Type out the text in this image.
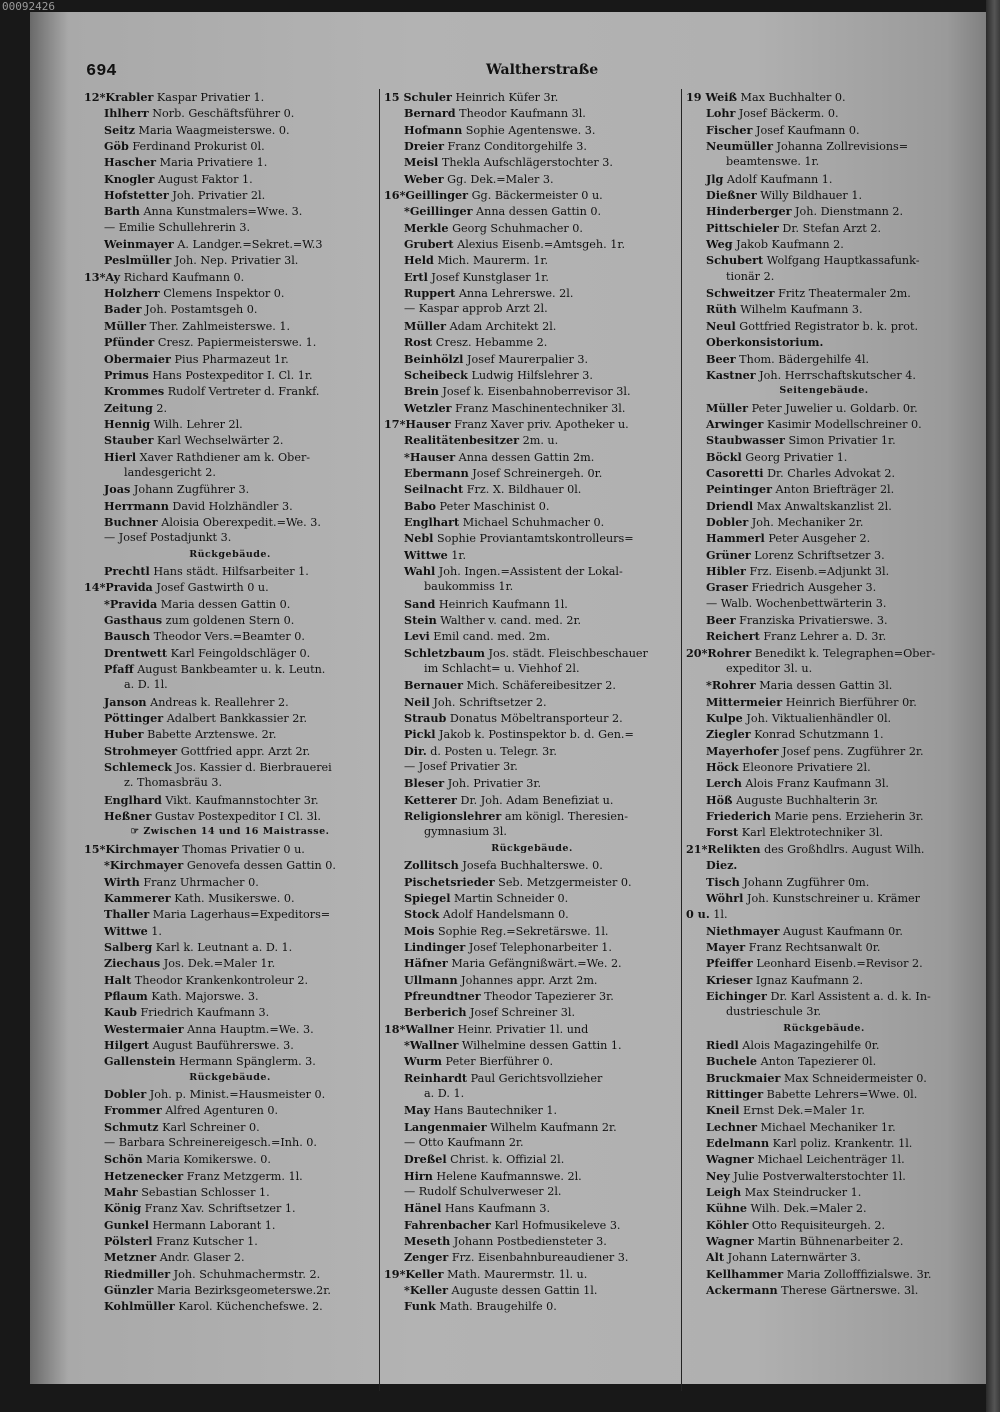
00092426
694	Waltherstraße
12*Krabler Kaspar Privatier 1.
Ihlherr Norb. Geschäftsführer 0.
Seitz Maria Waagmeisterswe. 0.
Göb Ferdinand Prokurist 0l.
Hascher Maria Privatiere 1.
Knogler August Faktor 1.
Hofstetter Joh. Privatier 2l.
Barth Anna Kunstmalers=Wwe. 3.
— Emilie Schullehrerin 3.
Weinmayer A. Landger.=Sekret.=W.3
Peslmüller Joh. Nep. Privatier 3l.
13*Ay Richard Kaufmann 0.
Holzherr Clemens Inspektor 0.
Bader Joh. Postamtsgeh 0.
Müller Ther. Zahlmeisterswe. 1.
Pfünder Cresz. Papiermeisterswe. 1.
Obermaier Pius Pharmazeut 1r.
Primus Hans Postexpeditor I. Cl. 1r.
Krommes Rudolf Vertreter d. Frankf.
Zeitung 2.
Hennig Wilh. Lehrer 2l.
Stauber Karl Wechselwärter 2.
Hierl Xaver Rathdiener am k. Ober-
landesgericht 2.
Joas Johann Zugführer 3.
Herrmann David Holzhändler 3.
Buchner Aloisia Oberexpedit.=We. 3.
— Josef Postadjunkt 3.
Rückgebäude.
Prechtl Hans städt. Hilfsarbeiter 1.
14*Pravida Josef Gastwirth 0 u.
*Pravida Maria dessen Gattin 0.
Gasthaus zum goldenen Stern 0.
Bausch Theodor Vers.=Beamter 0.
Drentwett Karl Feingoldschläger 0.
Pfaff August Bankbeamter u. k. Leutn.
a. D. 1l.
Janson Andreas k. Reallehrer 2.
Pöttinger Adalbert Bankkassier 2r.
Huber Babette Arztenswe. 2r.
Strohmeyer Gottfried appr. Arzt 2r.
Schlemeck Jos. Kassier d. Bierbrauerei
z. Thomasbräu 3.
Englhard Vikt. Kaufmannstochter 3r.
Heßner Gustav Postexpeditor I Cl. 3l.
☞ Zwischen 14 und 16 Maistrasse.
15*Kirchmayer Thomas Privatier 0 u.
*Kirchmayer Genovefa dessen Gattin 0.
Wirth Franz Uhrmacher 0.
Kammerer Kath. Musikerswe. 0.
Thaller Maria Lagerhaus=Expeditors=
Wittwe 1.
Salberg Karl k. Leutnant a. D. 1.
Ziechaus Jos. Dek.=Maler 1r.
Halt Theodor Krankenkontroleur 2.
Pflaum Kath. Majorswe. 3.
Kaub Friedrich Kaufmann 3.
Westermaier Anna Hauptm.=We. 3.
Hilgert August Bauführerswe. 3.
Gallenstein Hermann Spänglerm. 3.
Rückgebäude.
Dobler Joh. p. Minist.=Hausmeister 0.
Frommer Alfred Agenturen 0.
Schmutz Karl Schreiner 0.
— Barbara Schreinereigesch.=Inh. 0.
Schön Maria Komikerswe. 0.
Hetzenecker Franz Metzgerm. 1l.
Mahr Sebastian Schlosser 1.
König Franz Xav. Schriftsetzer 1.
Gunkel Hermann Laborant 1.
Pölsterl Franz Kutscher 1.
Metzner Andr. Glaser 2.
Riedmiller Joh. Schuhmachermstr. 2.
Günzler Maria Bezirksgeometerswe.2r.
Kohlmüller Karol. Küchenchefswe. 2.
15 Schuler Heinrich Küfer 3r.
Bernard Theodor Kaufmann 3l.
Hofmann Sophie Agentenswe. 3.
Dreier Franz Conditorgehilfe 3.
Meisl Thekla Aufschlägerstochter 3.
Weber Gg. Dek.=Maler 3.
16*Geillinger Gg. Bäckermeister 0 u.
*Geillinger Anna dessen Gattin 0.
Merkle Georg Schuhmacher 0.
Grubert Alexius Eisenb.=Amtsgeh. 1r.
Held Mich. Maurerm. 1r.
Ertl Josef Kunstglaser 1r.
Ruppert Anna Lehrerswe. 2l.
— Kaspar approb Arzt 2l.
Müller Adam Architekt 2l.
Rost Cresz. Hebamme 2.
Beinhölzl Josef Maurerpalier 3.
Scheibeck Ludwig Hilfslehrer 3.
Brein Josef k. Eisenbahnoberrevisor 3l.
Wetzler Franz Maschinentechniker 3l.
17*Hauser Franz Xaver priv. Apotheker u.
Realitätenbesitzer 2m. u.
*Hauser Anna dessen Gattin 2m.
Ebermann Josef Schreinergeh. 0r.
Seilnacht Frz. X. Bildhauer 0l.
Babo Peter Maschinist 0.
Englhart Michael Schuhmacher 0.
Nebl Sophie Proviantamtskontrolleurs=
Wittwe 1r.
Wahl Joh. Ingen.=Assistent der Lokal-
baukommiss 1r.
Sand Heinrich Kaufmann 1l.
Stein Walther v. cand. med. 2r.
Levi Emil cand. med. 2m.
Schletzbaum Jos. städt. Fleischbeschauer
im Schlacht= u. Viehhof 2l.
Bernauer Mich. Schäfereibesitzer 2.
Neil Joh. Schriftsetzer 2.
Straub Donatus Möbeltransporteur 2.
Pickl Jakob k. Postinspektor b. d. Gen.=
Dir. d. Posten u. Telegr. 3r.
— Josef Privatier 3r.
Bleser Joh. Privatier 3r.
Ketterer Dr. Joh. Adam Benefiziat u.
Religionslehrer am königl. Theresien-
gymnasium 3l.
Rückgebäude.
Zollitsch Josefa Buchhalterswe. 0.
Pischetsrieder Seb. Metzgermeister 0.
Spiegel Martin Schneider 0.
Stock Adolf Handelsmann 0.
Mois Sophie Reg.=Sekretärswe. 1l.
Lindinger Josef Telephonarbeiter 1.
Häfner Maria Gefängnißwärt.=We. 2.
Ullmann Johannes appr. Arzt 2m.
Pfreundtner Theodor Tapezierer 3r.
Berberich Josef Schreiner 3l.
18*Wallner Heinr. Privatier 1l. und
*Wallner Wilhelmine dessen Gattin 1.
Wurm Peter Bierführer 0.
Reinhardt Paul Gerichtsvollzieher
a. D. 1.
May Hans Bautechniker 1.
Langenmaier Wilhelm Kaufmann 2r.
— Otto Kaufmann 2r.
Dreßel Christ. k. Offizial 2l.
Hirn Helene Kaufmannswe. 2l.
— Rudolf Schulverweser 2l.
Hänel Hans Kaufmann 3.
Fahrenbacher Karl Hofmusikeleve 3.
Meseth Johann Postbediensteter 3.
Zenger Frz. Eisenbahnbureaudiener 3.
19*Keller Math. Maurermstr. 1l. u.
*Keller Auguste dessen Gattin 1l.
Funk Math. Braugehilfe 0.
19 Weiß Max Buchhalter 0.
Lohr Josef Bäckerm. 0.
Fischer Josef Kaufmann 0.
Neumüller Johanna Zollrevisions=
beamtenswe. 1r.
Jlg Adolf Kaufmann 1.
Dießner Willy Bildhauer 1.
Hinderberger Joh. Dienstmann 2.
Pittschieler Dr. Stefan Arzt 2.
Weg Jakob Kaufmann 2.
Schubert Wolfgang Hauptkassafunk-
tionär 2.
Schweitzer Fritz Theatermaler 2m.
Rüth Wilhelm Kaufmann 3.
Neul Gottfried Registrator b. k. prot.
Oberkonsistorium.
Beer Thom. Bädergehilfe 4l.
Kastner Joh. Herrschaftskutscher 4.
Seitengebäude.
Müller Peter Juwelier u. Goldarb. 0r.
Arwinger Kasimir Modellschreiner 0.
Staubwasser Simon Privatier 1r.
Böckl Georg Privatier 1.
Casoretti Dr. Charles Advokat 2.
Peintinger Anton Briefträger 2l.
Driendl Max Anwaltskanzlist 2l.
Dobler Joh. Mechaniker 2r.
Hammerl Peter Ausgeher 2.
Grüner Lorenz Schriftsetzer 3.
Hibler Frz. Eisenb.=Adjunkt 3l.
Graser Friedrich Ausgeher 3.
— Walb. Wochenbettwärterin 3.
Beer Franziska Privatierswe. 3.
Reichert Franz Lehrer a. D. 3r.
20*Rohrer Benedikt k. Telegraphen=Ober-
expeditor 3l. u.
*Rohrer Maria dessen Gattin 3l.
Mittermeier Heinrich Bierführer 0r.
Kulpe Joh. Viktualienhändler 0l.
Ziegler Konrad Schutzmann 1.
Mayerhofer Josef pens. Zugführer 2r.
Höck Eleonore Privatiere 2l.
Lerch Alois Franz Kaufmann 3l.
Höß Auguste Buchhalterin 3r.
Friederich Marie pens. Erzieherin 3r.
Forst Karl Elektrotechniker 3l.
21*Relikten des Großhdlrs. August Wilh.
Diez.
Tisch Johann Zugführer 0m.
Wöhrl Joh. Kunstschreiner u. Krämer
0 u. 1l.
Niethmayer August Kaufmann 0r.
Mayer Franz Rechtsanwalt 0r.
Pfeiffer Leonhard Eisenb.=Revisor 2.
Krieser Ignaz Kaufmann 2.
Eichinger Dr. Karl Assistent a. d. k. In-
dustrieschule 3r.
Rückgebäude.
Riedl Alois Magazingehilfe 0r.
Buchele Anton Tapezierer 0l.
Bruckmaier Max Schneidermeister 0.
Rittinger Babette Lehrers=Wwe. 0l.
Kneil Ernst Dek.=Maler 1r.
Lechner Michael Mechaniker 1r.
Edelmann Karl poliz. Krankentr. 1l.
Wagner Michael Leichenträger 1l.
Ney Julie Postverwalterstochter 1l.
Leigh Max Steindrucker 1.
Kühne Wilh. Dek.=Maler 2.
Köhler Otto Requisiteurgeh. 2.
Wagner Martin Bühnenarbeiter 2.
Alt Johann Laternwärter 3.
Kellhammer Maria Zollofffizialswe. 3r.
Ackermann Therese Gärtnerswe. 3l.
